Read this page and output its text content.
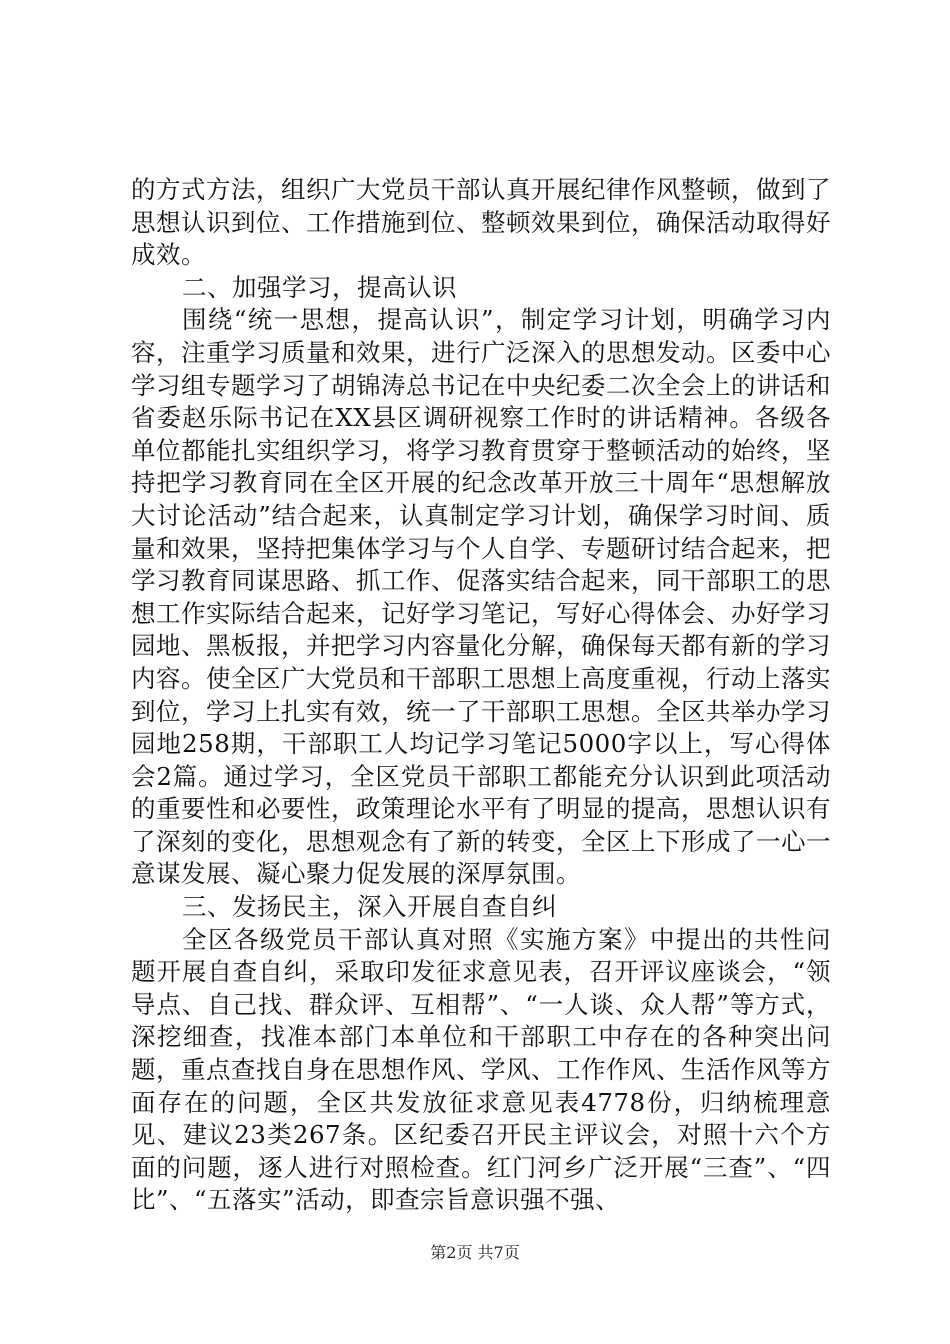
的方式方法，组织广大党员干部认真开展纪律作风整顿，做到了思想认识到位、工作措施到位、整顿效果到位，确保活动取得好成效。

二、加强学习，提高认识

围绕“统一思想，提高认识”，制定学习计划，明确学习内容，注重学习质量和效果，进行广泛深入的思想发动。区委中心学习组专题学习了胡锦涛总书记在中央纪委二次全会上的讲话和省委赵乐际书记在XX县区调研视察工作时的讲话精神。各级各单位都能扎实组织学习，将学习教育贯穿于整顿活动的始终，坚持把学习教育同在全区开展的纪念改革开放三十周年“思想解放大讨论活动”结合起来，认真制定学习计划，确保学习时间、质量和效果，坚持把集体学习与个人自学、专题研讨结合起来，把学习教育同谋思路、抓工作、促落实结合起来，同干部职工的思想工作实际结合起来，记好学习笔记，写好心得体会、办好学习园地、黑板报，并把学习内容量化分解，确保每天都有新的学习内容。使全区广大党员和干部职工思想上高度重视，行动上落实到位，学习上扎实有效，统一了干部职工思想。全区共举办学习园地258期，干部职工人均记学习笔记5000字以上，写心得体会2篇。通过学习，全区党员干部职工都能充分认识到此项活动的重要性和必要性，政策理论水平有了明显的提高，思想认识有了深刻的变化，思想观念有了新的转变，全区上下形成了一心一意谋发展、凝心聚力促发展的深厚氛围。

三、发扬民主，深入开展自查自纠

全区各级党员干部认真对照《实施方案》中提出的共性问题开展自查自纠，采取印发征求意见表，召开评议座谈会，“领导点、自己找、群众评、互相帮”、“一人谈、众人帮”等方式，深挖细查，找准本部门本单位和干部职工中存在的各种突出问题，重点查找自身在思想作风、学风、工作作风、生活作风等方面存在的问题，全区共发放征求意见表4778份，归纳梳理意见、建议23类267条。区纪委召开民主评议会，对照十六个方面的问题，逐人进行对照检查。红门河乡广泛开展“三查”、“四比”、“五落实”活动，即查宗旨意识强不强、

第2页 共7页
